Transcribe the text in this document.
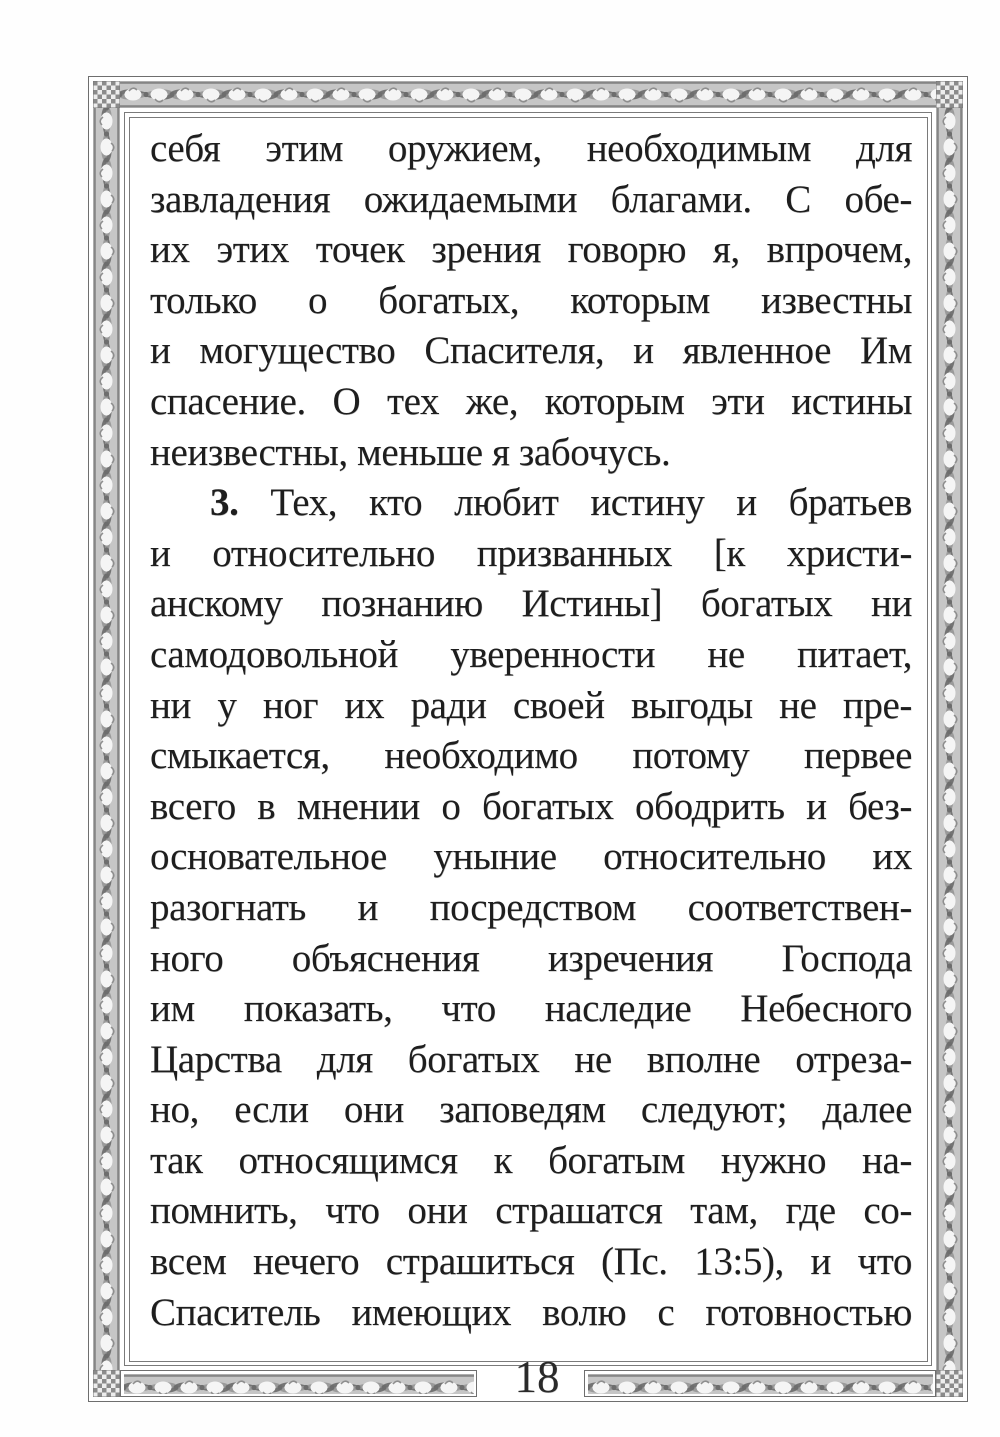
себя этим оружием, необходимым для
завладения ожидаемыми благами. С обе-
их этих точек зрения говорю я, впрочем,
только о богатых, которым известны
и могущество Спасителя, и явленное Им
спасение. О тех же, которым эти истины
неизвестны, меньше я забочусь.
3. Тех, кто любит истину и братьев
и относительно призванных [к христи-
анскому познанию Истины] богатых ни
самодовольной уверенности не питает,
ни у ног их ради своей выгоды не пре-
смыкается, необходимо потому первее
всего в мнении о богатых ободрить и без-
основательное уныние относительно их
разогнать и посредством соответствен-
ного объяснения изречения Господа
им показать, что наследие Небесного
Царства для богатых не вполне отреза-
но, если они заповедям следуют; далее
так относящимся к богатым нужно на-
помнить, что они страшатся там, где со-
всем нечего страшиться (Пс. 13:5), и что
Спаситель имеющих волю с готовностью
18
